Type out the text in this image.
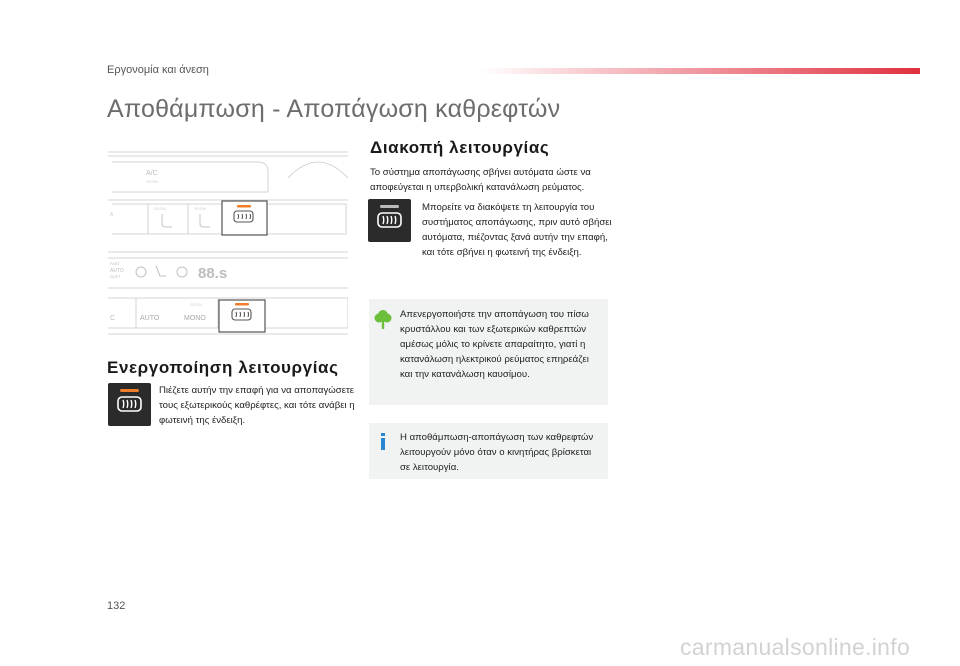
Εργονομία και άνεση
Αποθάμπωση - Αποπάγωση καθρεφτών
A/C
SOON
SOON	SOON
A
FAST
AUTO
SOFT	88.s
C	AUTO
SOON
MONO
Διακοπή λειτουργίας
Το σύστημα αποπάγωσης σβήνει αυτόματα ώστε να αποφεύγεται η υπερβολική κατανάλωση ρεύματος.
Μπορείτε να διακόψετε τη λειτουργία του συστήματος αποπάγωσης, πριν αυτό σβήσει αυτόματα, πιέζοντας ξανά αυτήν την επαφή, και τότε σβήνει η φωτεινή της ένδειξη.
Απενεργοποιήστε την αποπάγωση του πίσω κρυστάλλου και των εξωτερικών καθρεπτών αμέσως μόλις το κρίνετε απαραίτητο, γιατί η κατανάλωση ηλεκτρικού ρεύματος επηρεάζει και την κατανάλωση καυσίμου.
Η αποθάμπωση-αποπάγωση των καθρεφτών λειτουργούν μόνο όταν ο κινητήρας βρίσκεται σε λειτουργία.
Ενεργοποίηση λειτουργίας
Πιέζετε αυτήν την επαφή για να αποπαγώσετε τους εξωτερικούς καθρέφτες, και τότε ανάβει η φωτεινή της ένδειξη.
132
carmanualsonline.info
